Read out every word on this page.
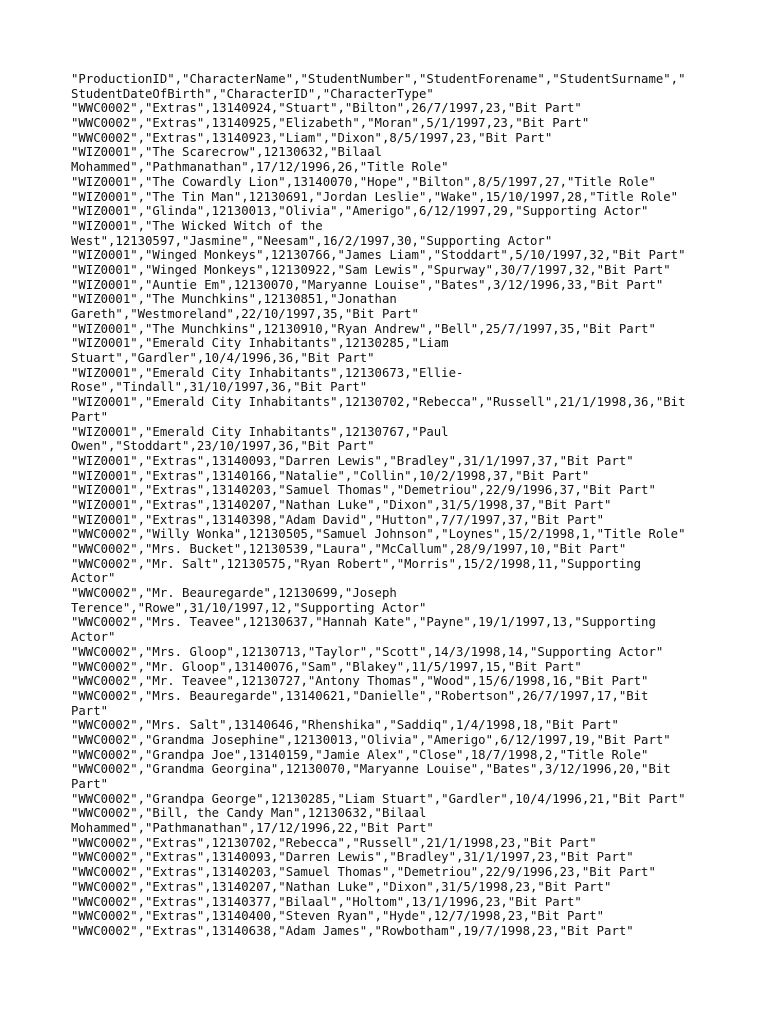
"ProductionID","CharacterName","StudentNumber","StudentForename","StudentSurname","
StudentDateOfBirth","CharacterID","CharacterType"
"WWC0002","Extras",13140924,"Stuart","Bilton",26/7/1997,23,"Bit Part"
"WWC0002","Extras",13140925,"Elizabeth","Moran",5/1/1997,23,"Bit Part"
"WWC0002","Extras",13140923,"Liam","Dixon",8/5/1997,23,"Bit Part"
"WIZ0001","The Scarecrow",12130632,"Bilaal
Mohammed","Pathmanathan",17/12/1996,26,"Title Role"
"WIZ0001","The Cowardly Lion",13140070,"Hope","Bilton",8/5/1997,27,"Title Role"
"WIZ0001","The Tin Man",12130691,"Jordan Leslie","Wake",15/10/1997,28,"Title Role"
"WIZ0001","Glinda",12130013,"Olivia","Amerigo",6/12/1997,29,"Supporting Actor"
"WIZ0001","The Wicked Witch of the
West",12130597,"Jasmine","Neesam",16/2/1997,30,"Supporting Actor"
"WIZ0001","Winged Monkeys",12130766,"James Liam","Stoddart",5/10/1997,32,"Bit Part"
"WIZ0001","Winged Monkeys",12130922,"Sam Lewis","Spurway",30/7/1997,32,"Bit Part"
"WIZ0001","Auntie Em",12130070,"Maryanne Louise","Bates",3/12/1996,33,"Bit Part"
"WIZ0001","The Munchkins",12130851,"Jonathan
Gareth","Westmoreland",22/10/1997,35,"Bit Part"
"WIZ0001","The Munchkins",12130910,"Ryan Andrew","Bell",25/7/1997,35,"Bit Part"
"WIZ0001","Emerald City Inhabitants",12130285,"Liam
Stuart","Gardler",10/4/1996,36,"Bit Part"
"WIZ0001","Emerald City Inhabitants",12130673,"Ellie-
Rose","Tindall",31/10/1997,36,"Bit Part"
"WIZ0001","Emerald City Inhabitants",12130702,"Rebecca","Russell",21/1/1998,36,"Bit
Part"
"WIZ0001","Emerald City Inhabitants",12130767,"Paul
Owen","Stoddart",23/10/1997,36,"Bit Part"
"WIZ0001","Extras",13140093,"Darren Lewis","Bradley",31/1/1997,37,"Bit Part"
"WIZ0001","Extras",13140166,"Natalie","Collin",10/2/1998,37,"Bit Part"
"WIZ0001","Extras",13140203,"Samuel Thomas","Demetriou",22/9/1996,37,"Bit Part"
"WIZ0001","Extras",13140207,"Nathan Luke","Dixon",31/5/1998,37,"Bit Part"
"WIZ0001","Extras",13140398,"Adam David","Hutton",7/7/1997,37,"Bit Part"
"WWC0002","Willy Wonka",12130505,"Samuel Johnson","Loynes",15/2/1998,1,"Title Role"
"WWC0002","Mrs. Bucket",12130539,"Laura","McCallum",28/9/1997,10,"Bit Part"
"WWC0002","Mr. Salt",12130575,"Ryan Robert","Morris",15/2/1998,11,"Supporting
Actor"
"WWC0002","Mr. Beauregarde",12130699,"Joseph
Terence","Rowe",31/10/1997,12,"Supporting Actor"
"WWC0002","Mrs. Teavee",12130637,"Hannah Kate","Payne",19/1/1997,13,"Supporting
Actor"
"WWC0002","Mrs. Gloop",12130713,"Taylor","Scott",14/3/1998,14,"Supporting Actor"
"WWC0002","Mr. Gloop",13140076,"Sam","Blakey",11/5/1997,15,"Bit Part"
"WWC0002","Mr. Teavee",12130727,"Antony Thomas","Wood",15/6/1998,16,"Bit Part"
"WWC0002","Mrs. Beauregarde",13140621,"Danielle","Robertson",26/7/1997,17,"Bit
Part"
"WWC0002","Mrs. Salt",13140646,"Rhenshika","Saddiq",1/4/1998,18,"Bit Part"
"WWC0002","Grandma Josephine",12130013,"Olivia","Amerigo",6/12/1997,19,"Bit Part"
"WWC0002","Grandpa Joe",13140159,"Jamie Alex","Close",18/7/1998,2,"Title Role"
"WWC0002","Grandma Georgina",12130070,"Maryanne Louise","Bates",3/12/1996,20,"Bit
Part"
"WWC0002","Grandpa George",12130285,"Liam Stuart","Gardler",10/4/1996,21,"Bit Part"
"WWC0002","Bill, the Candy Man",12130632,"Bilaal
Mohammed","Pathmanathan",17/12/1996,22,"Bit Part"
"WWC0002","Extras",12130702,"Rebecca","Russell",21/1/1998,23,"Bit Part"
"WWC0002","Extras",13140093,"Darren Lewis","Bradley",31/1/1997,23,"Bit Part"
"WWC0002","Extras",13140203,"Samuel Thomas","Demetriou",22/9/1996,23,"Bit Part"
"WWC0002","Extras",13140207,"Nathan Luke","Dixon",31/5/1998,23,"Bit Part"
"WWC0002","Extras",13140377,"Bilaal","Holtom",13/1/1996,23,"Bit Part"
"WWC0002","Extras",13140400,"Steven Ryan","Hyde",12/7/1998,23,"Bit Part"
"WWC0002","Extras",13140638,"Adam James","Rowbotham",19/7/1998,23,"Bit Part"
